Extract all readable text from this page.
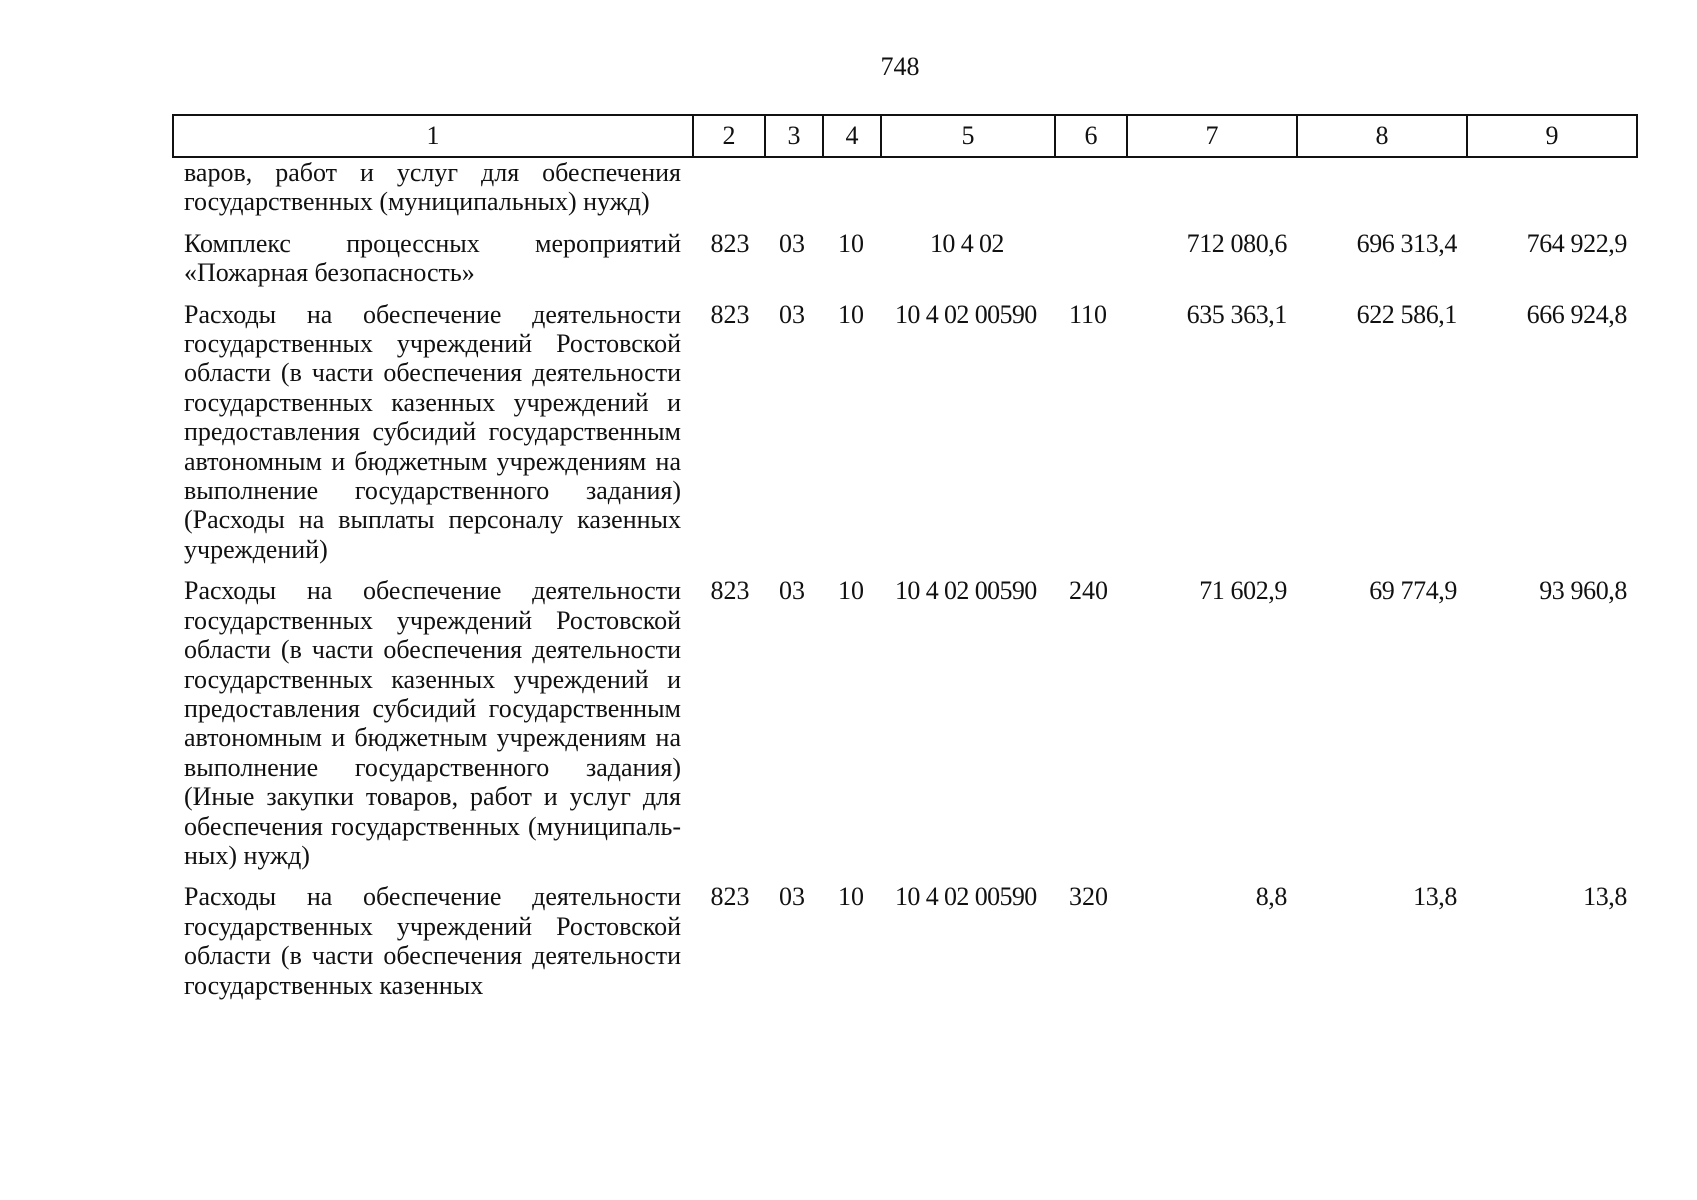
748
1	2	3	4	5	6	7	8	9
варов, работ и услуг для обеспечения государственных (муниципальных) нужд)								
Комплекс процессных мероприятий «Пожарная безопасность»	823	03	10	10 4 02		712 080,6	696 313,4	764 922,9
Расходы на обеспечение деятельности государственных учреждений Ростовской области (в части обеспечения деятельности государственных казенных учреждений и предоставления субсидий государственным автономным и бюджетным учреждениям на выполнение государственного задания) (Расходы на выплаты персоналу казенных учреждений)	823	03	10	10 4 02 00590	110	635 363,1	622 586,1	666 924,8
Расходы на обеспечение деятельности государственных учреждений Ростовской области (в части обеспечения деятельности государственных казенных учреждений и предоставления субсидий государственным автономным и бюджетным учреждениям на выполнение государственного задания) (Иные закупки товаров, работ и услуг для обеспечения государственных (муниципальных) нужд)	823	03	10	10 4 02 00590	240	71 602,9	69 774,9	93 960,8
Расходы на обеспечение деятельности государственных учреждений Ростовской области (в части обеспечения деятельности государственных казенных	823	03	10	10 4 02 00590	320	8,8	13,8	13,8
